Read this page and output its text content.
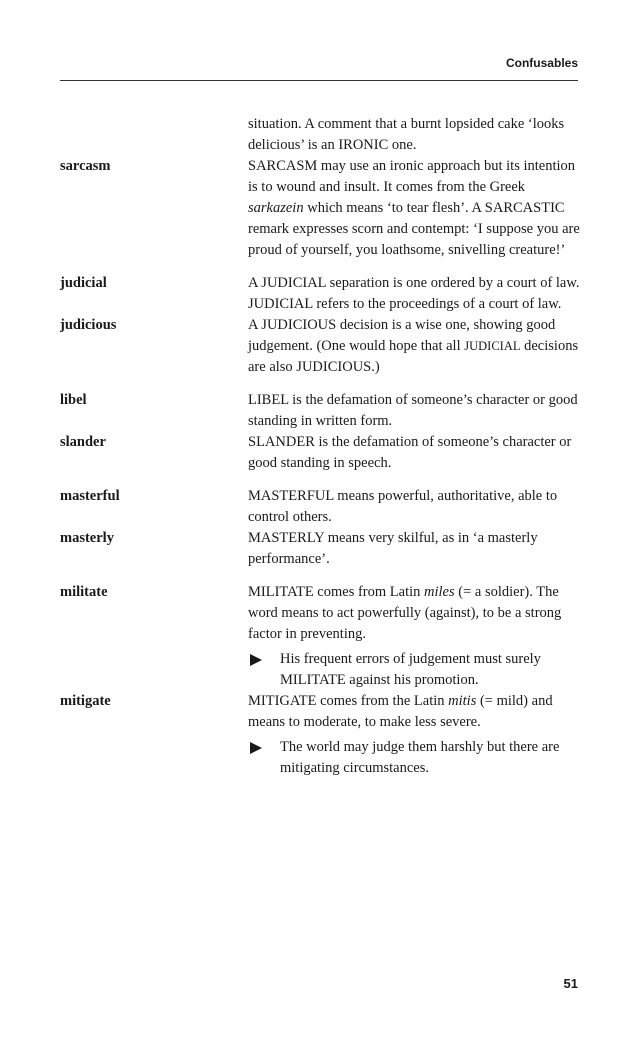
Confusables

situation. A comment that a burnt lopsided cake ‘looks delicious’ is an IRONIC one.

sarcasm	SARCASM may use an ironic approach but its intention is to wound and insult. It comes from the Greek sarkazein which means ‘to tear flesh’. A SARCASTIC remark expresses scorn and contempt: ‘I suppose you are proud of yourself, you loathsome, snivelling creature!’

judicial	A JUDICIAL separation is one ordered by a court of law. JUDICIAL refers to the proceedings of a court of law.

judicious	A JUDICIOUS decision is a wise one, showing good judgement. (One would hope that all JUDICIAL decisions are also JUDICIOUS.)

libel	LIBEL is the defamation of someone’s character or good standing in written form.

slander	SLANDER is the defamation of someone’s character or good standing in speech.

masterful	MASTERFUL means powerful, authoritative, able to control others.

masterly	MASTERLY means very skilful, as in ‘a masterly performance’.

militate	MILITATE comes from Latin miles (= a soldier). The word means to act powerfully (against), to be a strong factor in preventing.

His frequent errors of judgement must surely MILITATE against his promotion.
mitigate	MITIGATE comes from the Latin mitis (= mild) and means to moderate, to make less severe.

The world may judge them harshly but there are mitigating circumstances.
51
